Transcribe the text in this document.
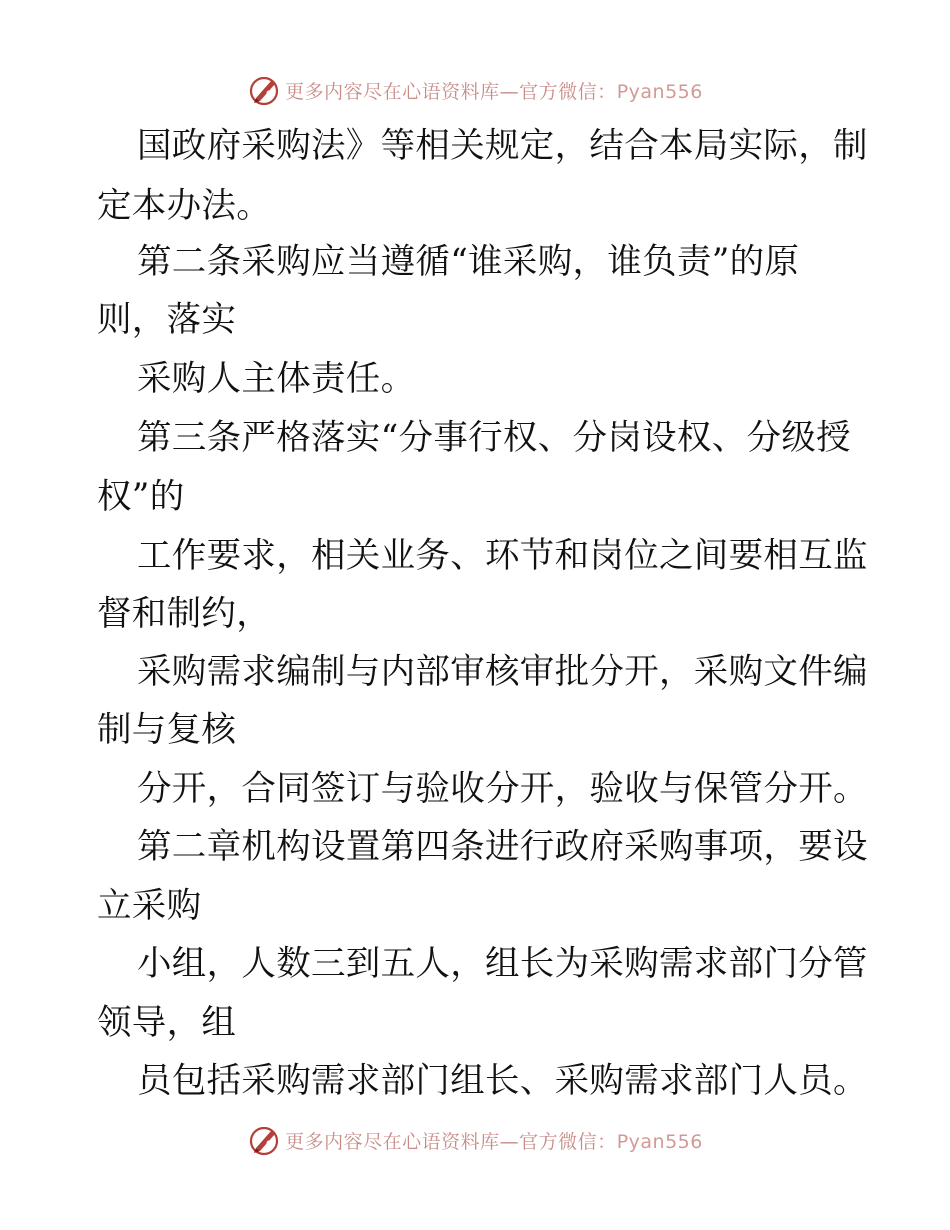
更多内容尽在心语资料库—官方微信：Pyan556
国政府采购法》等相关规定，结合本局实际，制
定本办法。
第二条采购应当遵循“谁采购，谁负责”的原
则，落实
采购人主体责任。
第三条严格落实“分事行权、分岗设权、分级授
权”的
工作要求，相关业务、环节和岗位之间要相互监
督和制约，
采购需求编制与内部审核审批分开，采购文件编
制与复核
分开，合同签订与验收分开，验收与保管分开。
第二章机构设置第四条进行政府采购事项，要设
立采购
小组，人数三到五人，组长为采购需求部门分管
领导，组
员包括采购需求部门组长、采购需求部门人员。
更多内容尽在心语资料库—官方微信：Pyan556
